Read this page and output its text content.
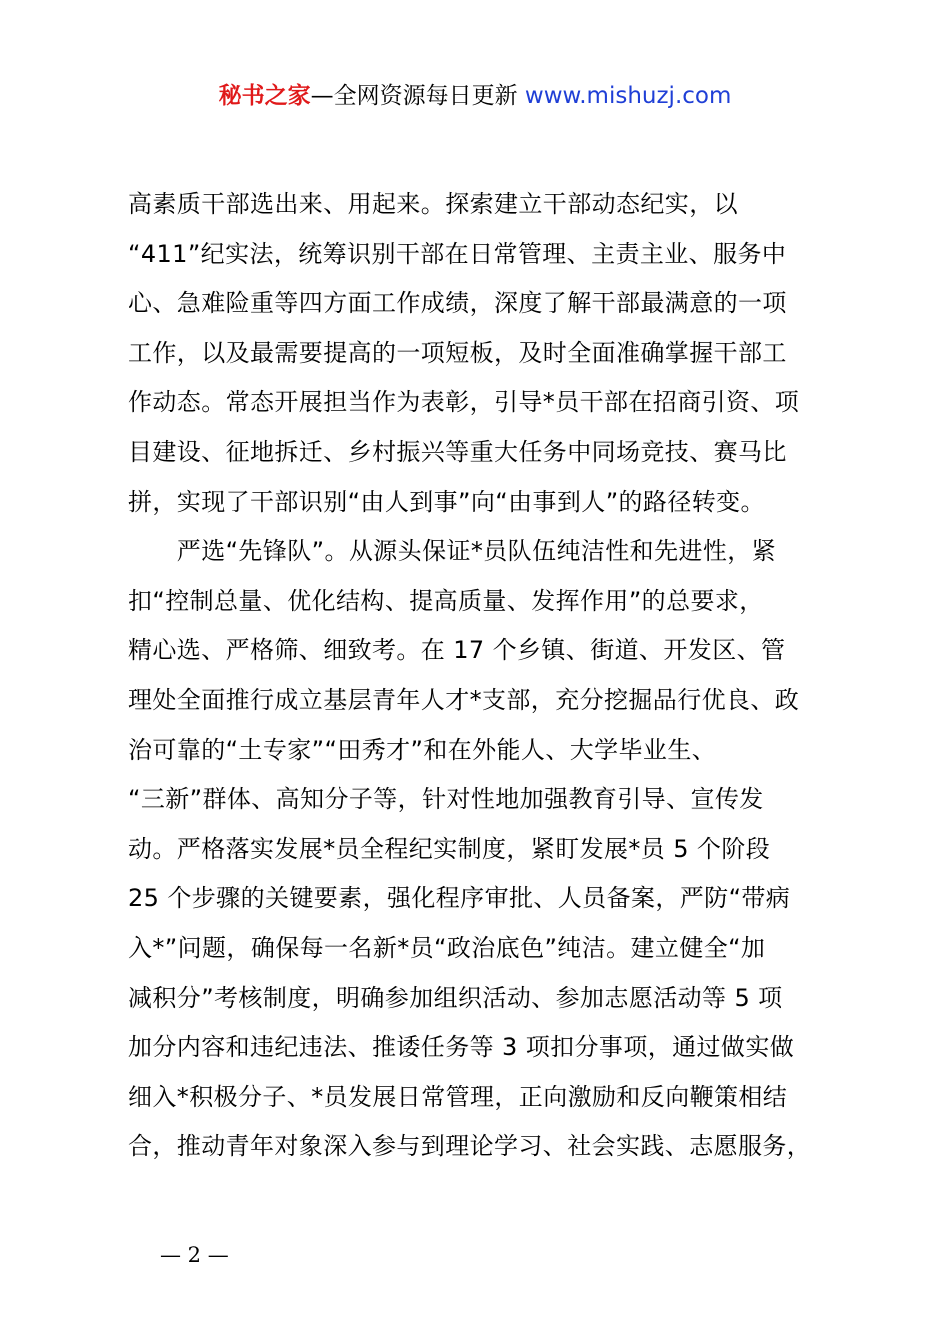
秘书之家—全网资源每日更新 www.mishuzj.com
高素质干部选出来、用起来。探索建立干部动态纪实，以
“411”纪实法，统筹识别干部在日常管理、主责主业、服务中
心、急难险重等四方面工作成绩，深度了解干部最满意的一项
工作，以及最需要提高的一项短板，及时全面准确掌握干部工
作动态。常态开展担当作为表彰，引导*员干部在招商引资、项
目建设、征地拆迁、乡村振兴等重大任务中同场竞技、赛马比
拼，实现了干部识别“由人到事”向“由事到人”的路径转变。
　　严选“先锋队”。从源头保证*员队伍纯洁性和先进性，紧
扣“控制总量、优化结构、提高质量、发挥作用”的总要求，
精心选、严格筛、细致考。在 17 个乡镇、街道、开发区、管
理处全面推行成立基层青年人才*支部，充分挖掘品行优良、政
治可靠的“土专家”“田秀才”和在外能人、大学毕业生、
“三新”群体、高知分子等，针对性地加强教育引导、宣传发
动。严格落实发展*员全程纪实制度，紧盯发展*员 5 个阶段
25 个步骤的关键要素，强化程序审批、人员备案，严防“带病
入*”问题，确保每一名新*员“政治底色”纯洁。建立健全“加
减积分”考核制度，明确参加组织活动、参加志愿活动等 5 项
加分内容和违纪违法、推诿任务等 3 项扣分事项，通过做实做
细入*积极分子、*员发展日常管理，正向激励和反向鞭策相结
合，推动青年对象深入参与到理论学习、社会实践、志愿服务，
— 2 —
